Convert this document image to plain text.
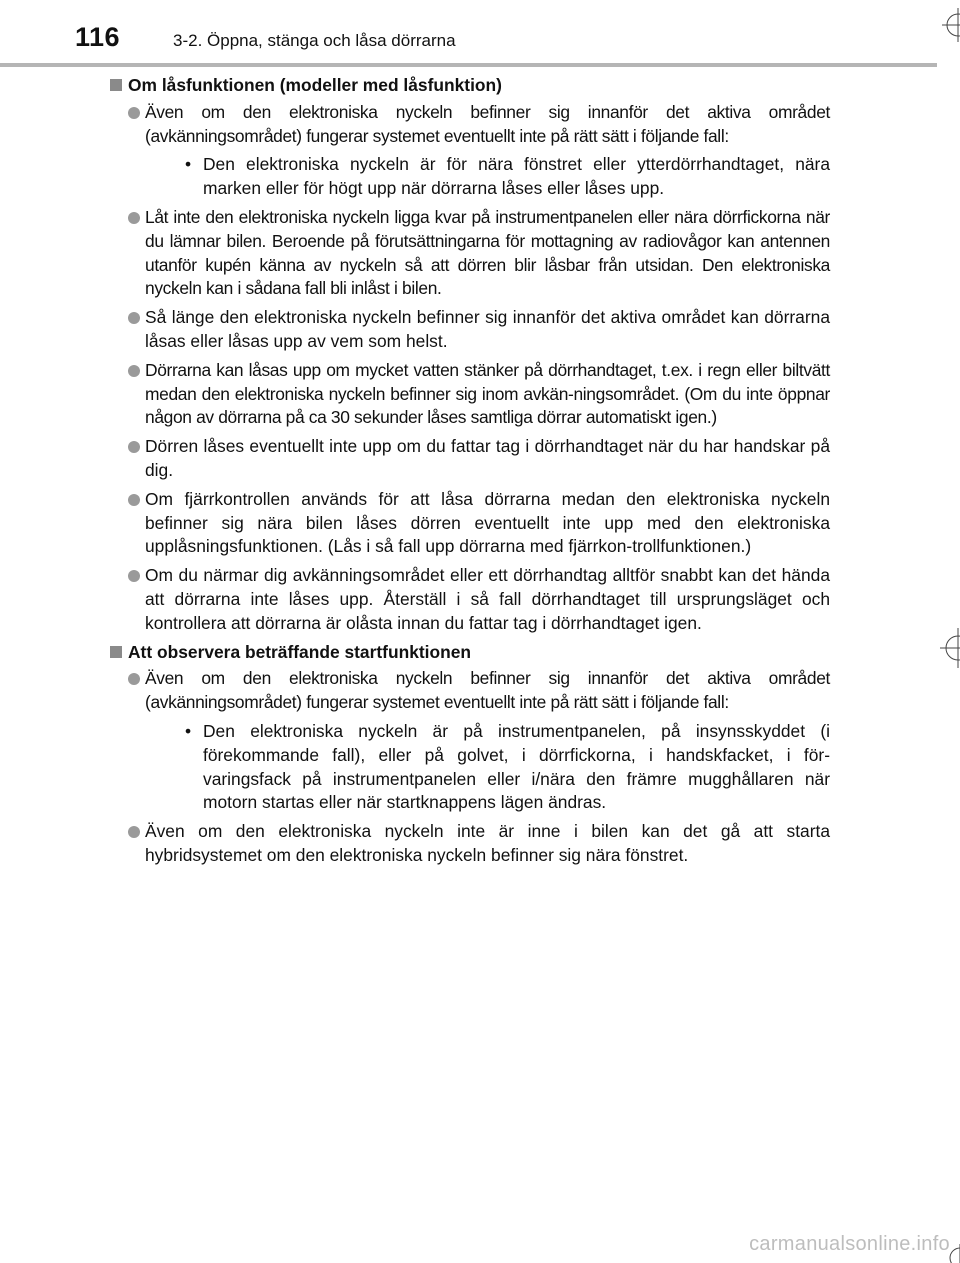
116	3-2. Öppna, stänga och låsa dörrarna
Om låsfunktionen (modeller med låsfunktion)
Även om den elektroniska nyckeln befinner sig innanför det aktiva området (avkänningsområdet) fungerar systemet eventuellt inte på rätt sätt i följande fall:
• Den elektroniska nyckeln är för nära fönstret eller ytterdörrhandtaget, nära marken eller för högt upp när dörrarna låses eller låses upp.
Låt inte den elektroniska nyckeln ligga kvar på instrumentpanelen eller nära dörrfickorna när du lämnar bilen. Beroende på förutsättningarna för mottagning av radiovågor kan antennen utanför kupén känna av nyckeln så att dörren blir låsbar från utsidan. Den elektroniska nyckeln kan i sådana fall bli inlåst i bilen.
Så länge den elektroniska nyckeln befinner sig innanför det aktiva området kan dörrarna låsas eller låsas upp av vem som helst.
Dörrarna kan låsas upp om mycket vatten stänker på dörrhandtaget, t.ex. i regn eller biltvätt medan den elektroniska nyckeln befinner sig inom avkän-ningsområdet. (Om du inte öppnar någon av dörrarna på ca 30 sekunder låses samtliga dörrar automatiskt igen.)
Dörren låses eventuellt inte upp om du fattar tag i dörrhandtaget när du har handskar på dig.
Om fjärrkontrollen används för att låsa dörrarna medan den elektroniska nyckeln befinner sig nära bilen låses dörren eventuellt inte upp med den elektroniska upplåsningsfunktionen. (Lås i så fall upp dörrarna med fjärrkon-trollfunktionen.)
Om du närmar dig avkänningsområdet eller ett dörrhandtag alltför snabbt kan det hända att dörrarna inte låses upp. Återställ i så fall dörrhandtaget till ursprungsläget och kontrollera att dörrarna är olåsta innan du fattar tag i dörrhandtaget igen.
Att observera beträffande startfunktionen
Även om den elektroniska nyckeln befinner sig innanför det aktiva området (avkänningsområdet) fungerar systemet eventuellt inte på rätt sätt i följande fall:
• Den elektroniska nyckeln är på instrumentpanelen, på insynsskyddet (i förekommande fall), eller på golvet, i dörrfickorna, i handskfacket, i för-varingsfack på instrumentpanelen eller i/nära den främre mugghållaren när motorn startas eller när startknappens lägen ändras.
Även om den elektroniska nyckeln inte är inne i bilen kan det gå att starta hybridsystemet om den elektroniska nyckeln befinner sig nära fönstret.
carmanualsonline.info
